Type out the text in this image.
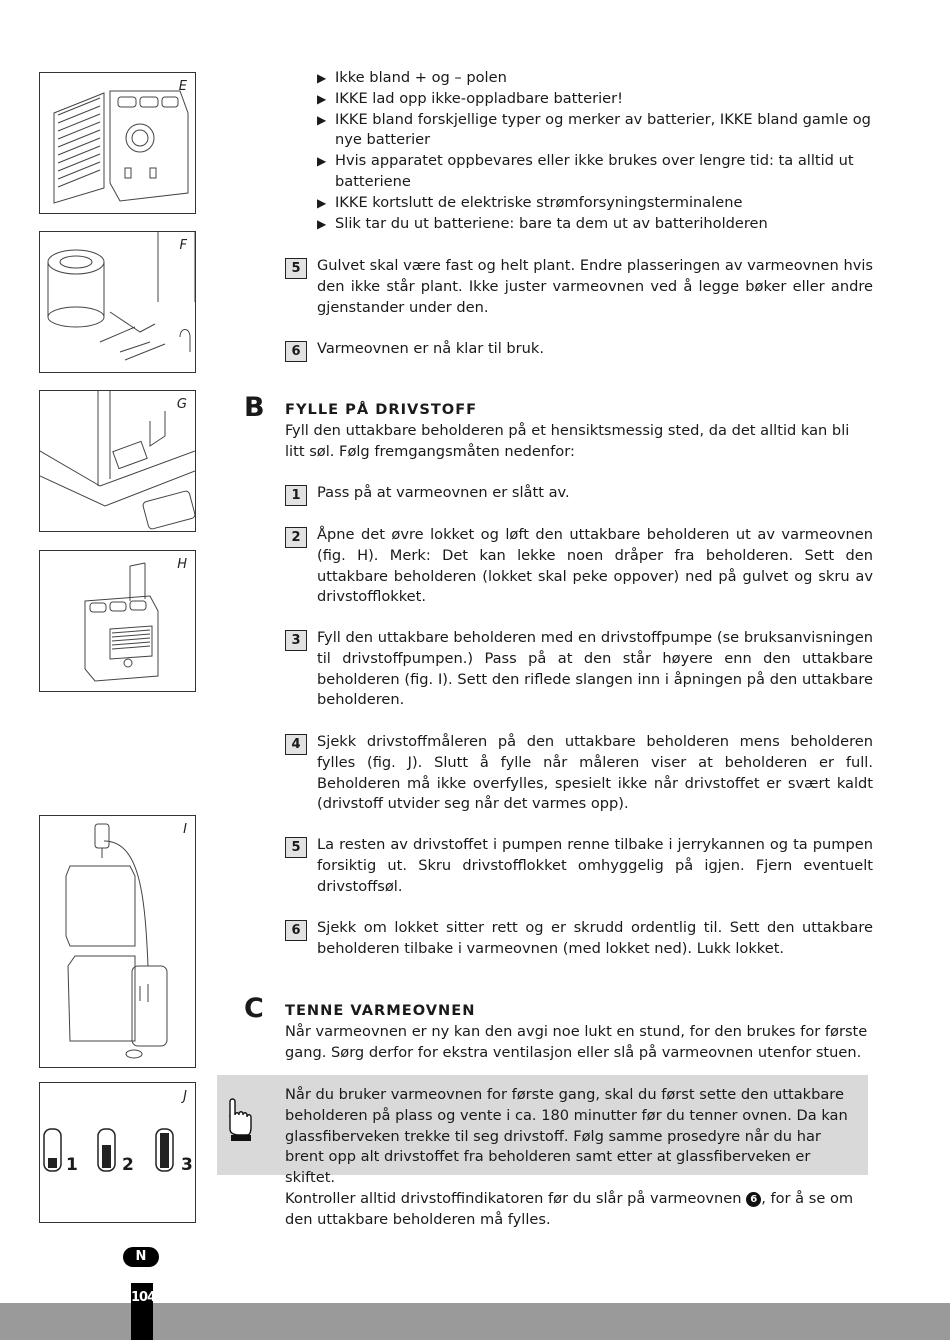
E
F
G
H
I
J
1	2	3
▶ Ikke bland + og – polen
▶ IKKE lad opp ikke-oppladbare batterier!
▶ IKKE bland forskjellige typer og merker av batterier, IKKE bland gamle og nye batterier
▶ Hvis apparatet oppbevares eller ikke brukes over lengre tid: ta alltid ut batteriene
▶ IKKE kortslutt de elektriske strømforsyningsterminalene
▶ Slik tar du ut batteriene: bare ta dem ut av batteriholderen
5	Gulvet skal være fast og helt plant. Endre plasseringen av varmeovnen hvis den ikke står plant. Ikke juster varmeovnen ved å legge bøker eller andre gjenstander under den.
6	Varmeovnen er nå klar til bruk.
B FYLLE PÅ DRIVSTOFF
Fyll den uttakbare beholderen på et hensiktsmessig sted, da det alltid kan bli litt søl. Følg fremgangsmåten nedenfor:
1	Pass på at varmeovnen er slått av.
2	Åpne det øvre lokket og løft den uttakbare beholderen ut av varmeovnen (fig. H). Merk: Det kan lekke noen dråper fra beholderen. Sett den uttakbare beholderen (lokket skal peke oppover) ned på gulvet og skru av drivstofflokket.
3	Fyll den uttakbare beholderen med en drivstoffpumpe (se bruksanvisningen til drivstoffpumpen.) Pass på at den står høyere enn den uttakbare beholderen (fig. I). Sett den riflede slangen inn i åpningen på den uttakbare beholderen.
4	Sjekk drivstoffmåleren på den uttakbare beholderen mens beholderen fylles (fig. J). Slutt å fylle når måleren viser at beholderen er full. Beholderen må ikke overfylles, spesielt ikke når drivstoffet er svært kaldt (drivstoff utvider seg når det varmes opp).
5	La resten av drivstoffet i pumpen renne tilbake i jerrykannen og ta pumpen forsiktig ut. Skru drivstofflokket omhyggelig på igjen. Fjern eventuelt drivstoffsøl.
6	Sjekk om lokket sitter rett og er skrudd ordentlig til. Sett den uttakbare beholderen tilbake i varmeovnen (med lokket ned). Lukk lokket.
C TENNE VARMEOVNEN
Når varmeovnen er ny kan den avgi noe lukt en stund, for den brukes for første gang. Sørg derfor for ekstra ventilasjon eller slå på varmeovnen utenfor stuen.
Når du bruker varmeovnen for første gang, skal du først sette den uttakbare beholderen på plass og vente i ca. 180 minutter før du tenner ovnen. Da kan glassfiberveken trekke til seg drivstoff. Følg samme prosedyre når du har brent opp alt drivstoffet fra beholderen samt etter at glassfiberveken er skiftet.
Kontroller alltid drivstoffindikatoren før du slår på varmeovnen 6 , for å se om den uttakbare beholderen må fylles.
N
104
